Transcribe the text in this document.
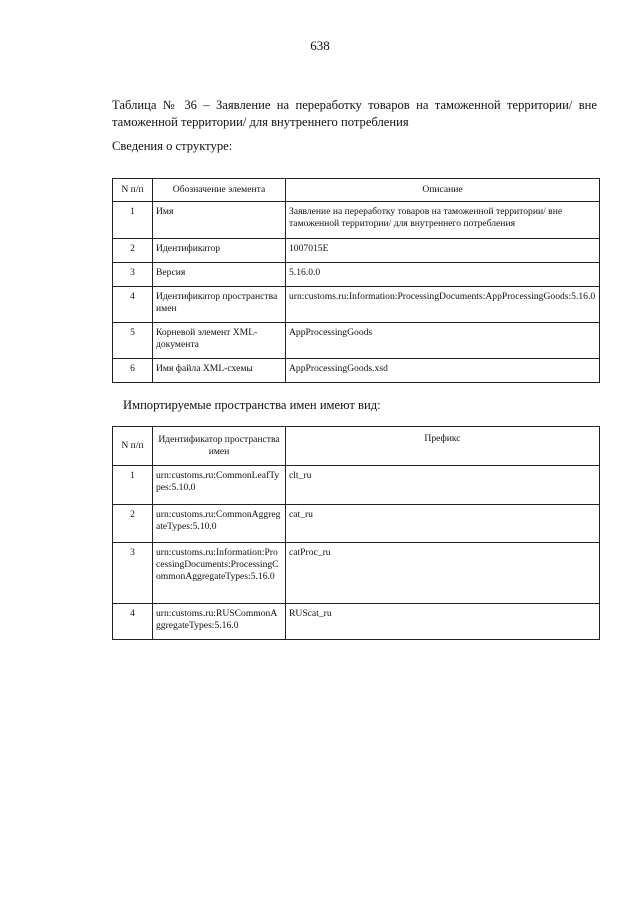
638
Таблица № 36 – Заявление на переработку товаров на таможенной территории/ вне таможенной территории/ для внутреннего потребления
Сведения о структуре:
N п/п	Обозначение элемента	Описание
1	Имя	Заявление на переработку товаров на таможенной территории/ вне таможенной территории/ для внутреннего потребления
2	Идентификатор	1007015E
3	Версия	5.16.0.0
4	Идентификатор пространства имен	urn:customs.ru:Information:ProcessingDocuments:AppProcessingGoods:5.16.0
5	Корневой элемент XML-документа	AppProcessingGoods
6	Имя файла XML-схемы	AppProcessingGoods.xsd
Импортируемые пространства имен имеют вид:
N п/п	Идентификатор пространства имен	Префикс
1	urn:customs.ru:CommonLeafTypes:5.10.0	clt_ru
2	urn:customs.ru:CommonAggregateTypes:5.10.0	cat_ru
3	urn:customs.ru:Information:ProcessingDocuments:ProcessingCommonAggregateTypes:5.16.0	catProc_ru
4	urn:customs.ru:RUSCommonAggregateTypes:5.16.0	RUScat_ru
